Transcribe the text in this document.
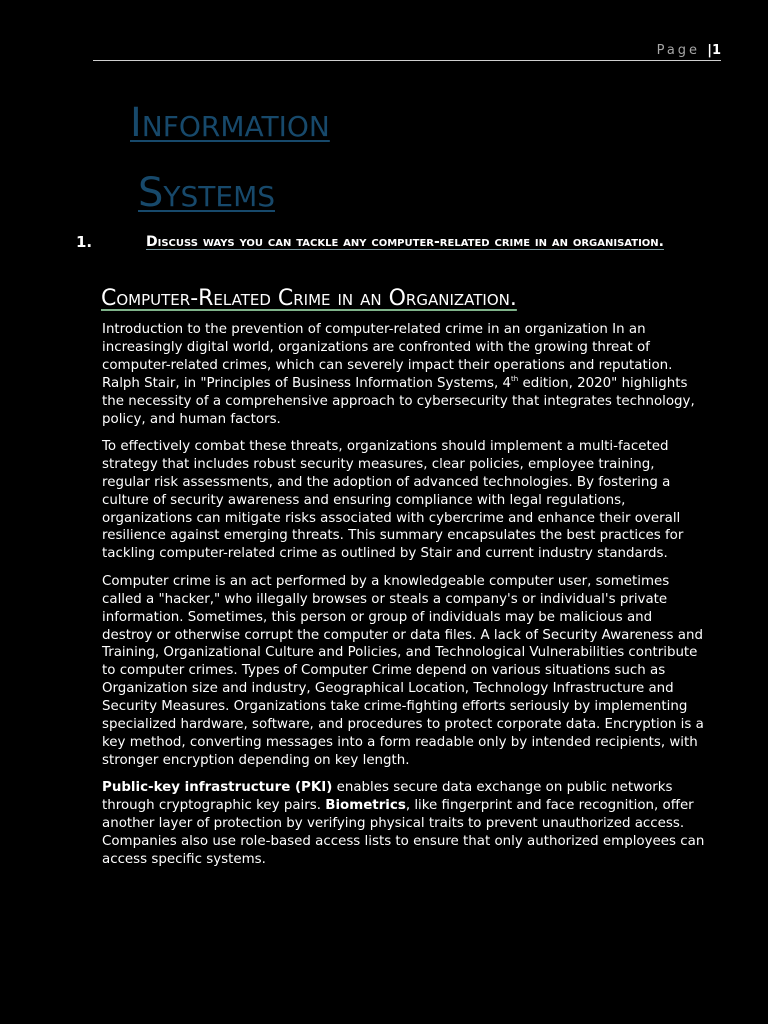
Page |1
Information
Systems
1.	Discuss ways you can tackle any computer-related crime in an organisation.
Computer-Related Crime in an Organization.

Introduction to the prevention of computer-related crime in an organization In an increasingly digital world, organizations are confronted with the growing threat of computer-related crimes, which can severely impact their operations and reputation. Ralph Stair, in "Principles of Business Information Systems, 4th edition, 2020" highlights the necessity of a comprehensive approach to cybersecurity that integrates technology, policy, and human factors.

To effectively combat these threats, organizations should implement a multi-faceted strategy that includes robust security measures, clear policies, employee training, regular risk assessments, and the adoption of advanced technologies. By fostering a culture of security awareness and ensuring compliance with legal regulations, organizations can mitigate risks associated with cybercrime and enhance their overall resilience against emerging threats. This summary encapsulates the best practices for tackling computer-related crime as outlined by Stair and current industry standards.

Computer crime is an act performed by a knowledgeable computer user, sometimes called a "hacker," who illegally browses or steals a company's or individual's private information. Sometimes, this person or group of individuals may be malicious and destroy or otherwise corrupt the computer or data files. A lack of Security Awareness and Training, Organizational Culture and Policies, and Technological Vulnerabilities contribute to computer crimes. Types of Computer Crime depend on various situations such as Organization size and industry, Geographical Location, Technology Infrastructure and Security Measures. Organizations take crime-fighting efforts seriously by implementing specialized hardware, software, and procedures to protect corporate data. Encryption is a key method, converting messages into a form readable only by intended recipients, with stronger encryption depending on key length.

Public-key infrastructure (PKI) enables secure data exchange on public networks through cryptographic key pairs. Biometrics, like fingerprint and face recognition, offer another layer of protection by verifying physical traits to prevent unauthorized access. Companies also use role-based access lists to ensure that only authorized employees can access specific systems.
